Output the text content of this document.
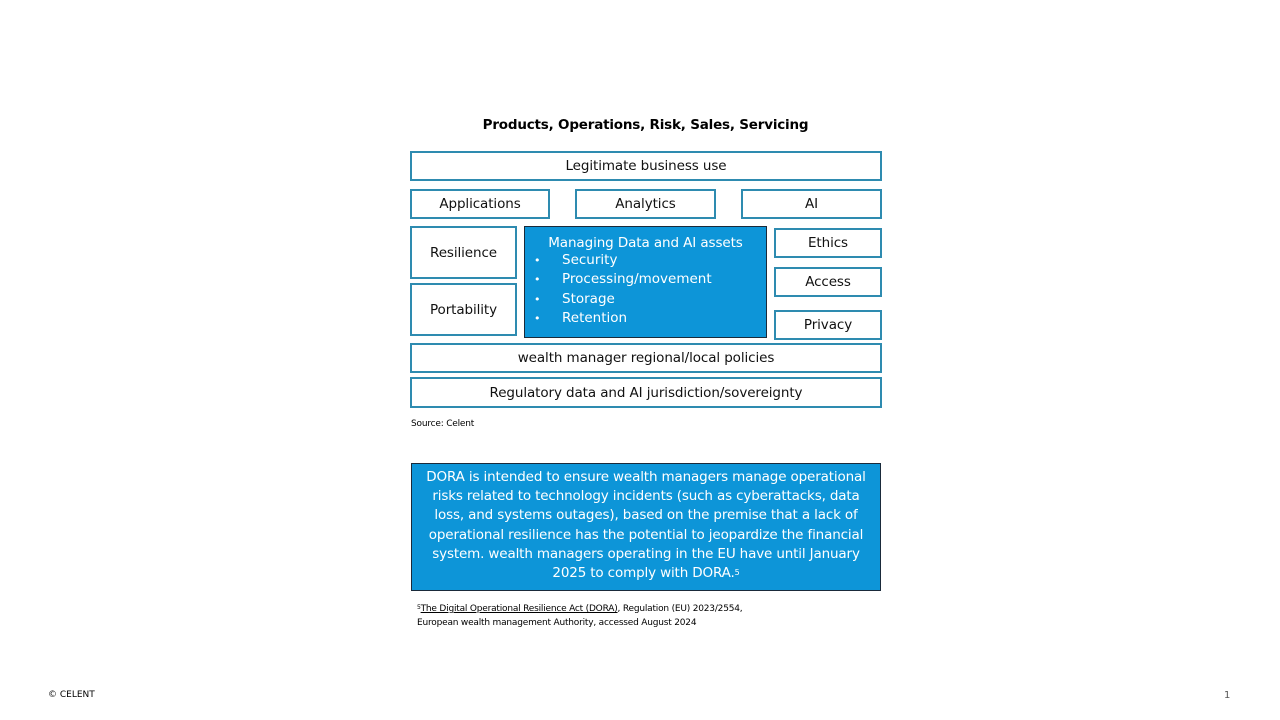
Products, Operations, Risk, Sales, Servicing
Legitimate business use
Applications	Analytics	AI
Resilience
Portability
Managing Data and AI assets
• Security
• Processing/movement
• Storage
• Retention
Ethics
Access
Privacy
wealth manager regional/local policies
Regulatory data and AI jurisdiction/sovereignty
Source: Celent
DORA is intended to ensure wealth managers manage operational risks related to technology incidents (such as cyberattacks, data loss, and systems outages), based on the premise that a lack of operational resilience has the potential to jeopardize the financial system. wealth managers operating in the EU have until January 2025 to comply with DORA.$^5$
$^5$The Digital Operational Resilience Act (DORA), Regulation (EU) 2023/2554,
European wealth management Authority, accessed August 2024
© CELENT	1
